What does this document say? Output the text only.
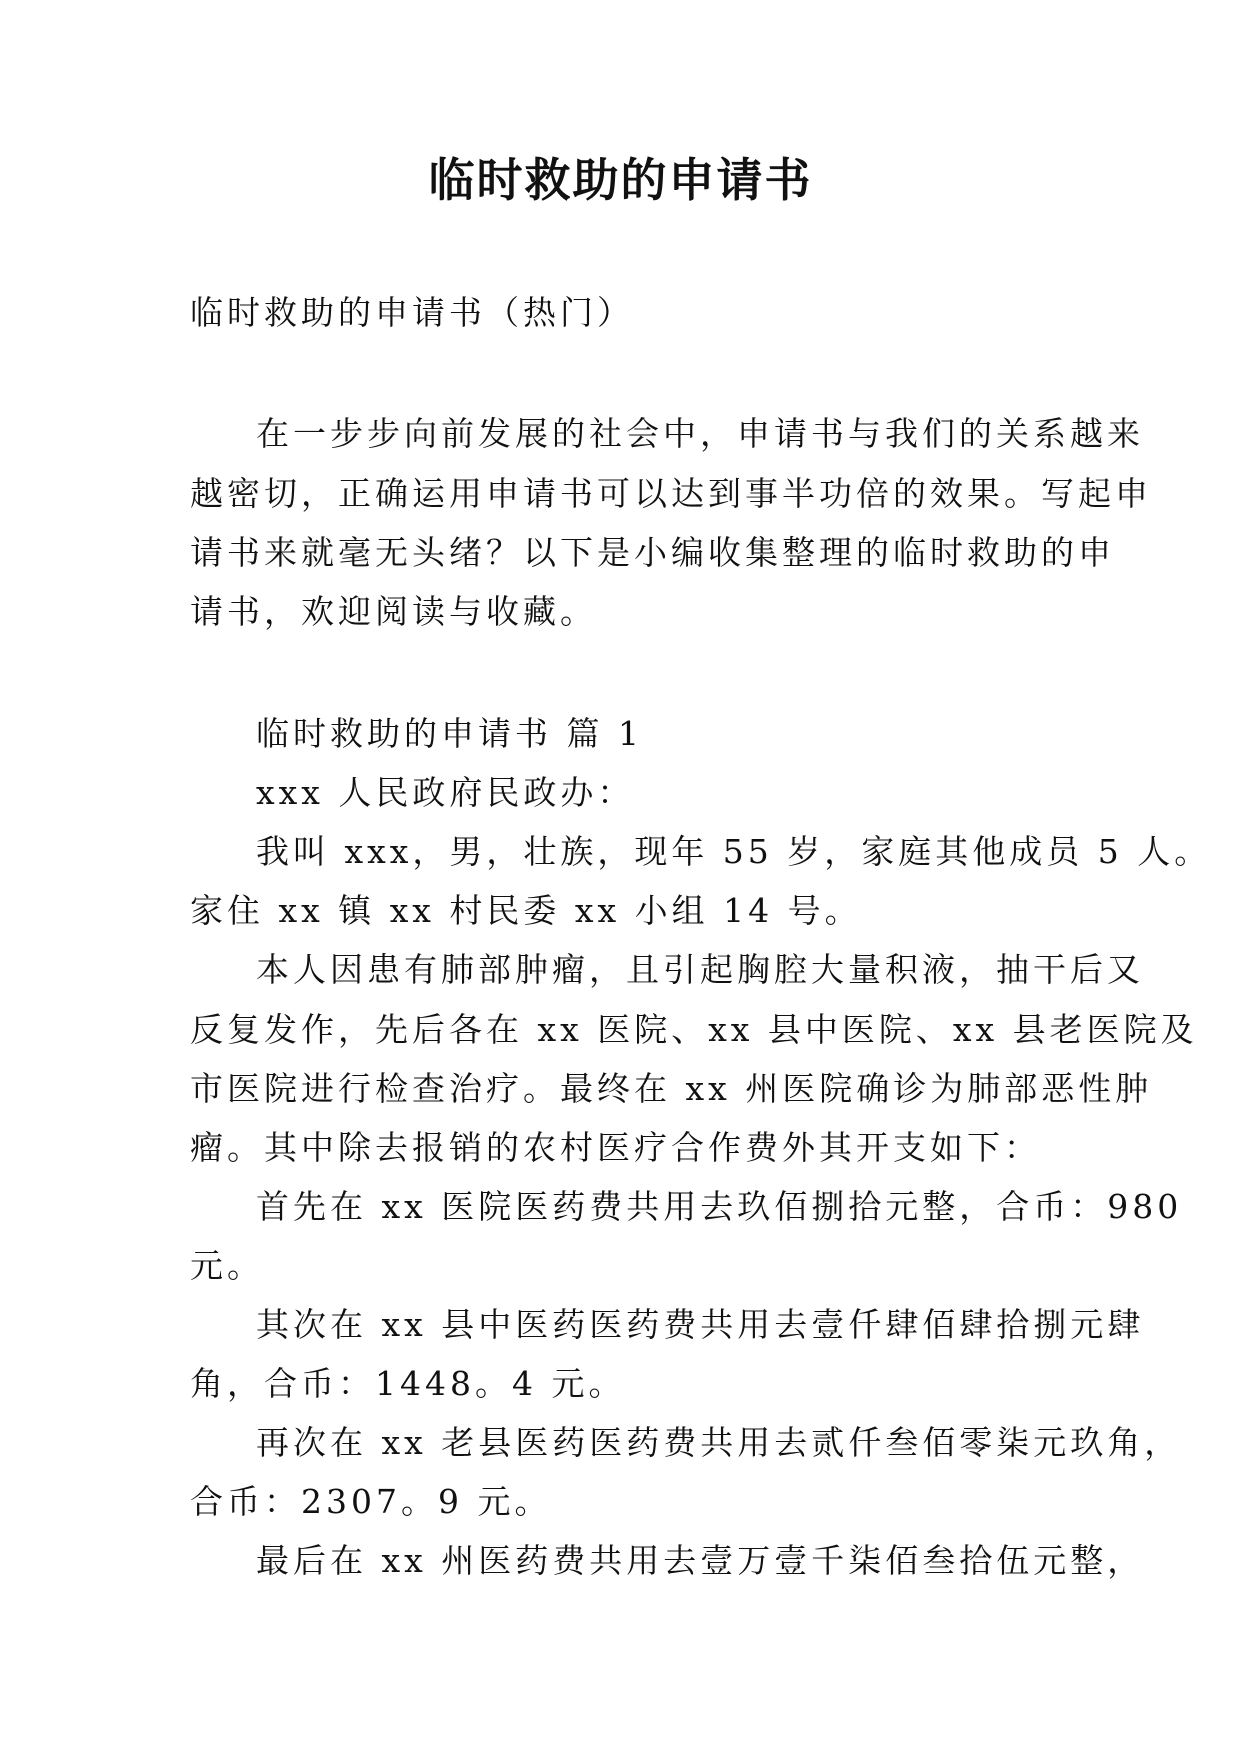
临时救助的申请书
临时救助的申请书（热门）
在一步步向前发展的社会中，申请书与我们的关系越来
越密切，正确运用申请书可以达到事半功倍的效果。写起申
请书来就毫无头绪？以下是小编收集整理的临时救助的申
请书，欢迎阅读与收藏。
临时救助的申请书 篇 1
xxx 人民政府民政办：
我叫 xxx，男，壮族，现年 55 岁，家庭其他成员 5 人。
家住 xx 镇 xx 村民委 xx 小组 14 号。
本人因患有肺部肿瘤，且引起胸腔大量积液，抽干后又
反复发作，先后各在 xx 医院、xx 县中医院、xx 县老医院及
市医院进行检查治疗。最终在 xx 州医院确诊为肺部恶性肿
瘤。其中除去报销的农村医疗合作费外其开支如下：
首先在 xx 医院医药费共用去玖佰捌拾元整，合币：980
元。
其次在 xx 县中医药医药费共用去壹仟肆佰肆拾捌元肆
角，合币：1448。4 元。
再次在 xx 老县医药医药费共用去贰仟叁佰零柒元玖角，
合币：2307。9 元。
最后在 xx 州医药费共用去壹万壹千柒佰叁拾伍元整，
